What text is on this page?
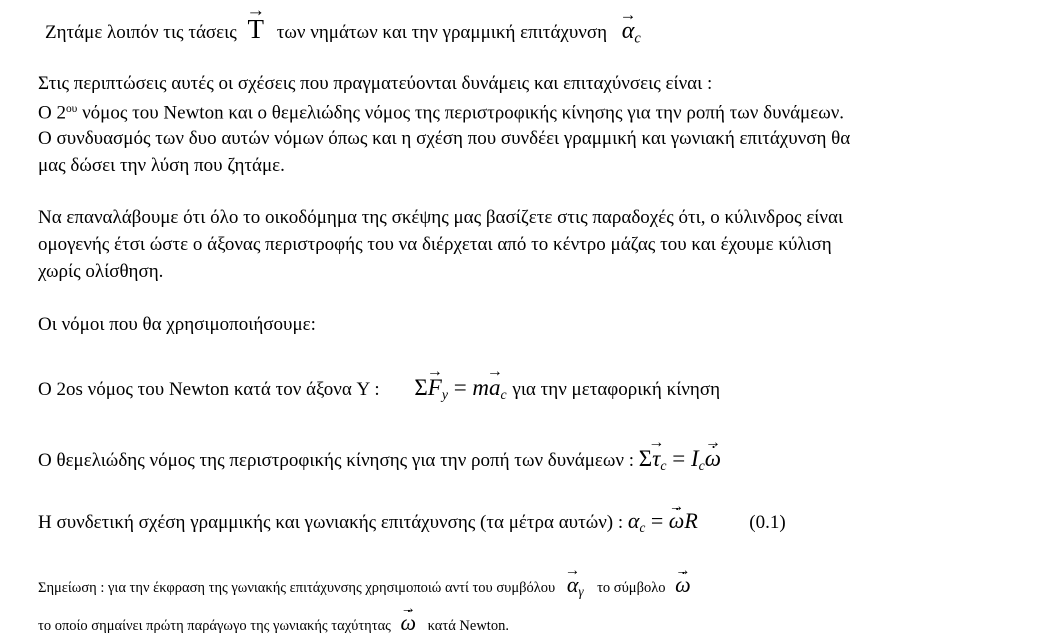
Ζητάμε λοιπόν τις τάσεις → T των νημάτων και την γραμμική $\varepsilon\pi\iota\tau ά\chi\upsilon\nu\sigma\eta \to \alpha_c$
Στις περιπτώσεις αυτές οι σχέσεις που πραγματεύονται δυνάμεις και επιταχύνσεις είναι :
Ο $2^{o\upsilon}$ νόμος του Newton και ο θεμελιώδης νόμος της περιστροφικής κίνησης για την ροπή των δυνάμεων.
Ο συνδυασμός των δυο αυτών νόμων όπως και η σχέση που συνδέει γραμμική και γωνιακή επιτάχυνση θα
μας δώσει την λύση που ζητάμε.
Να επαναλάβουμε ότι όλο το οικοδόμημα της σκέψης μας βασίζετε στις παραδοχές ότι, ο κύλινδρος είναι
ομογενής έτσι ώστε ο άξονας περιστροφής του να διέρχεται από το κέντρο μάζας του και έχουμε κύλιση
χωρίς ολίσθηση.
Οι νόμοι που θα χρησιμοποιήσουμε:
Ο 2os νόμος του Newton κατά τον άξονα Y : $\Sigma\to F_y = m\to a_c$ για την μεταφορική κίνηση
Ο θεμελιώδης νόμος της περιστροφικής κίνησης για την ροπή των δυνάμεων : $\Sigma\to \tau_c = I_c\to \omega$ ·
Η συνδετική σχέση γραμμικής και γωνιακής επιτάχυνσης (τα μέτρα αυτών) : $\alpha_c$ = → ω ·R	(0.1)
Σημείωση : για την έκφραση της γωνιακής επιτάχυνσης χρησιμοποιώ αντί του $\sigma\upsilon\mu\beta ό\lambda o\upsilon \to \alpha_\gamma$ το σύμβολο → ω ·
το οποίο σημαίνει πρώτη παράγωγο της γωνιακής ταχύτητας → ω · κατά Newton.
